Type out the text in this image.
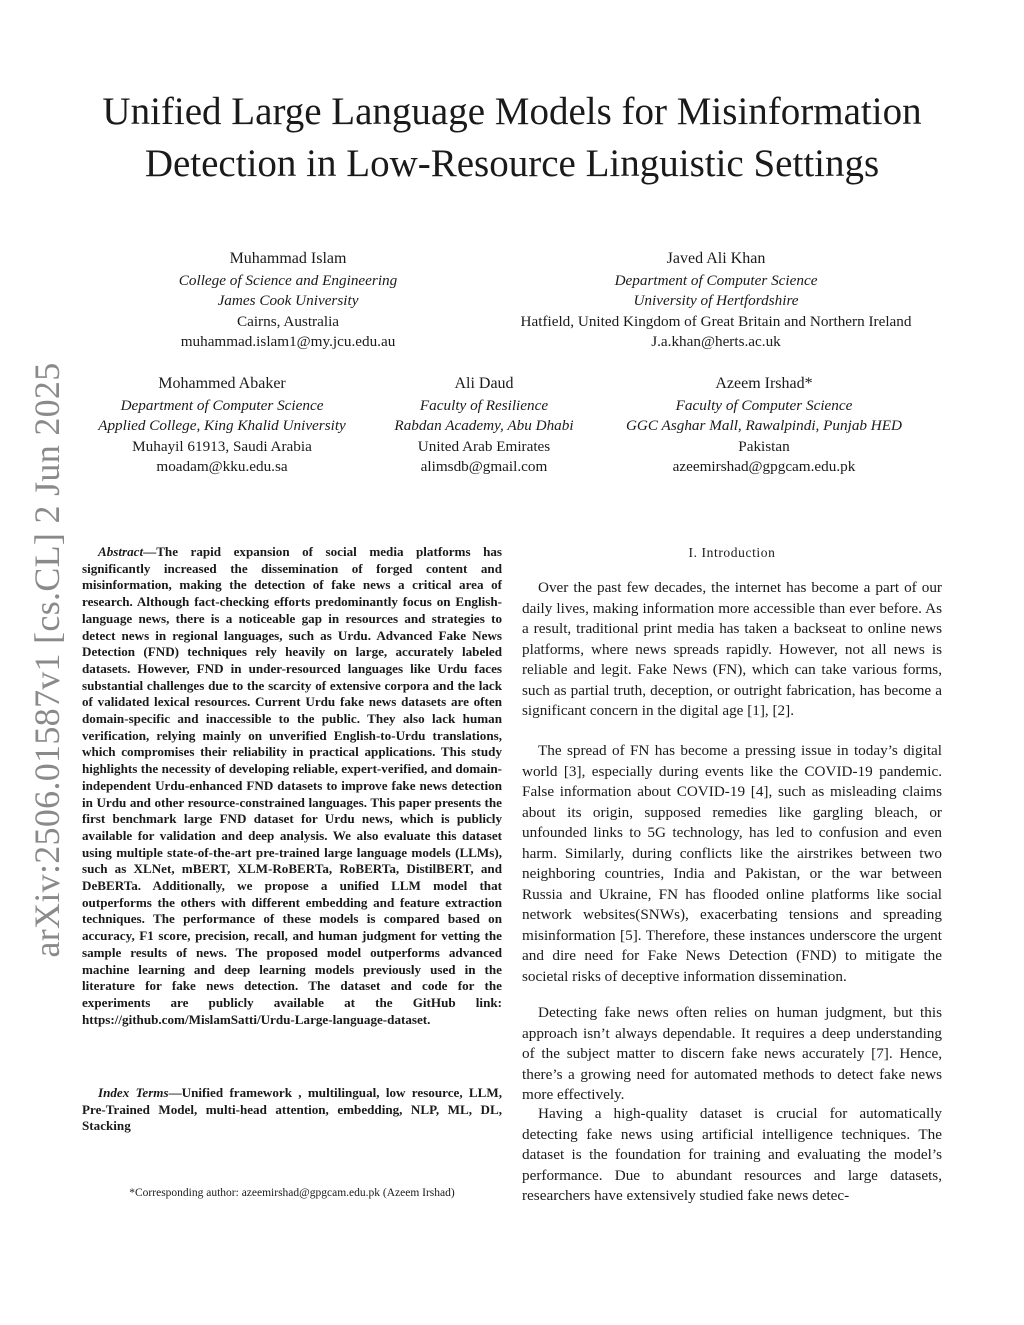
arXiv:2506.01587v1 [cs.CL] 2 Jun 2025
Unified Large Language Models for Misinformation
Detection in Low-Resource Linguistic Settings
Muhammad Islam
College of Science and Engineering
James Cook University
Cairns, Australia
muhammad.islam1@my.jcu.edu.au
Javed Ali Khan
Department of Computer Science
University of Hertfordshire
Hatfield, United Kingdom of Great Britain and Northern Ireland
J.a.khan@herts.ac.uk
Mohammed Abaker
Department of Computer Science
Applied College, King Khalid University
Muhayil 61913, Saudi Arabia
moadam@kku.edu.sa
Ali Daud
Faculty of Resilience
Rabdan Academy, Abu Dhabi
United Arab Emirates
alimsdb@gmail.com
Azeem Irshad*
Faculty of Computer Science
GGC Asghar Mall, Rawalpindi, Punjab HED
Pakistan
azeemirshad@gpgcam.edu.pk

Abstract—The rapid expansion of social media platforms has significantly increased the dissemination of forged content and misinformation, making the detection of fake news a critical area of research. Although fact-checking efforts predominantly focus on English-language news, there is a noticeable gap in resources and strategies to detect news in regional languages, such as Urdu. Advanced Fake News Detection (FND) techniques rely heavily on large, accurately labeled datasets. However, FND in under-resourced languages like Urdu faces substantial challenges due to the scarcity of extensive corpora and the lack of validated lexical resources. Current Urdu fake news datasets are often domain-specific and inaccessible to the public. They also lack human verification, relying mainly on unverified English-to-Urdu translations, which compromises their reliability in practical applications. This study highlights the necessity of developing reliable, expert-verified, and domain-independent Urdu-enhanced FND datasets to improve fake news detection in Urdu and other resource-constrained languages. This paper presents the first benchmark large FND dataset for Urdu news, which is publicly available for validation and deep analysis. We also evaluate this dataset using multiple state-of-the-art pre-trained large language models (LLMs), such as XLNet, mBERT, XLM-RoBERTa, RoBERTa, DistilBERT, and DeBERTa. Additionally, we propose a unified LLM model that outperforms the others with different embedding and feature extraction techniques. The performance of these models is compared based on accuracy, F1 score, precision, recall, and human judgment for vetting the sample results of news. The proposed model outperforms advanced machine learning and deep learning models previously used in the literature for fake news detection. The dataset and code for the experiments are publicly available at the GitHub link: https://github.com/MislamSatti/Urdu-Large-language-dataset.

Index Terms—Unified framework , multilingual, low resource, LLM, Pre-Trained Model, multi-head attention, embedding, NLP, ML, DL, Stacking

*Corresponding author: azeemirshad@gpgcam.edu.pk (Azeem Irshad)

I. Introduction

Over the past few decades, the internet has become a part of our daily lives, making information more accessible than ever before. As a result, traditional print media has taken a backseat to online news platforms, where news spreads rapidly. However, not all news is reliable and legit. Fake News (FN), which can take various forms, such as partial truth, deception, or outright fabrication, has become a significant concern in the digital age [1], [2].

The spread of FN has become a pressing issue in today’s digital world [3], especially during events like the COVID-19 pandemic. False information about COVID-19 [4], such as misleading claims about its origin, supposed remedies like gargling bleach, or unfounded links to 5G technology, has led to confusion and even harm. Similarly, during conflicts like the airstrikes between two neighboring countries, India and Pakistan, or the war between Russia and Ukraine, FN has flooded online platforms like social network websites(SNWs), exacerbating tensions and spreading misinformation [5]. Therefore, these instances underscore the urgent and dire need for Fake News Detection (FND) to mitigate the societal risks of deceptive information dissemination.

Detecting fake news often relies on human judgment, but this approach isn’t always dependable. It requires a deep understanding of the subject matter to discern fake news accurately [7]. Hence, there’s a growing need for automated methods to detect fake news more effectively.

Having a high-quality dataset is crucial for automatically detecting fake news using artificial intelligence techniques. The dataset is the foundation for training and evaluating the model’s performance. Due to abundant resources and large datasets, researchers have extensively studied fake news detec-
